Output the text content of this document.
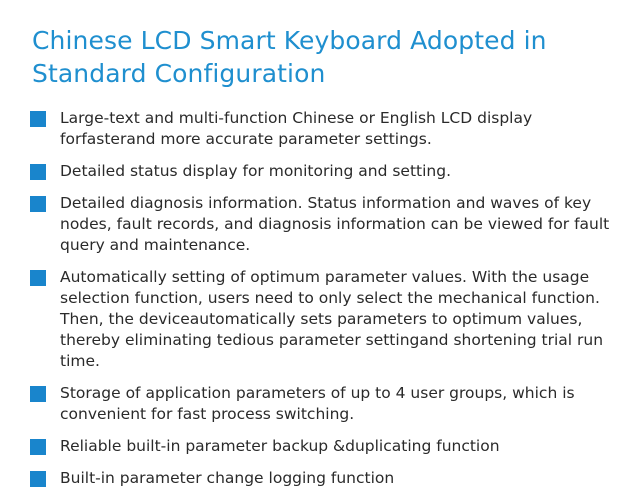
Chinese LCD Smart Keyboard Adopted in Standard Configuration
Large-text and multi-function Chinese or English LCD display forfasterand more accurate parameter settings.
Detailed status display for monitoring and setting.
Detailed diagnosis information. Status information and waves of key nodes, fault records, and diagnosis information can be viewed for fault query and maintenance.
Automatically setting of optimum parameter values. With the usage selection function, users need to only select the mechanical function. Then, the deviceautomatically sets parameters to optimum values, thereby eliminating tedious parameter settingand shortening trial run time.
Storage of application parameters of up to 4 user groups, which is convenient for fast process switching.
Reliable built-in parameter backup &duplicating function
Built-in parameter change logging function
